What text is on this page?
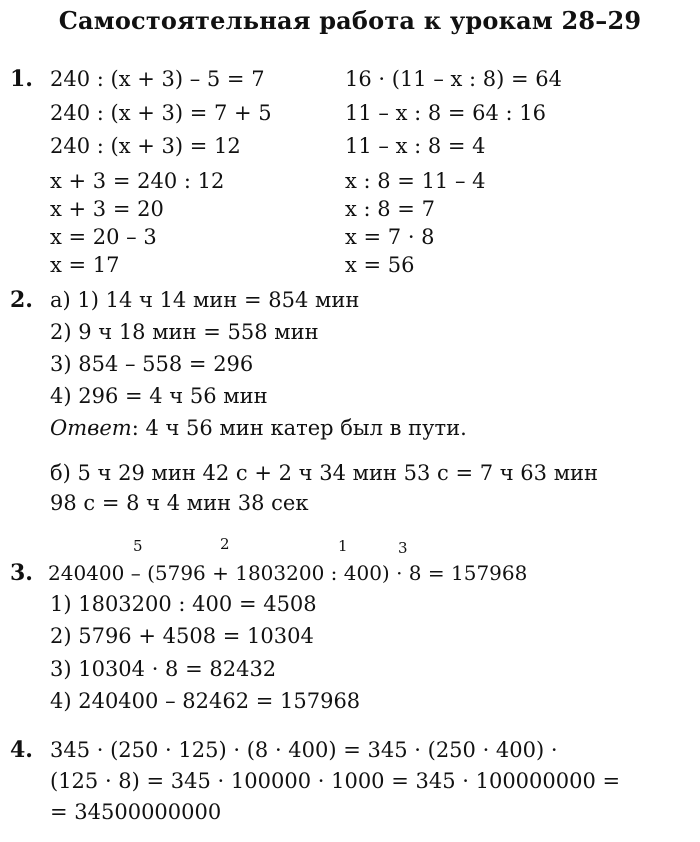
Самостоятельная работа к урокам 28–29
1. 240 : (x + 3) – 5 = 7
240 : (x + 3) = 7 + 5
240 : (x + 3) = 12
x + 3 = 240 : 12
x + 3 = 20
x = 20 – 3
x = 17
16 · (11 – x : 8) = 64
11 – x : 8 = 64 : 16
11 – x : 8 = 4
x : 8 = 11 – 4
x : 8 = 7
x = 7 · 8
x = 56
2. а) 1) 14 ч 14 мин = 854 мин
2) 9 ч 18 мин = 558 мин
3) 854 – 558 = 296
4) 296 = 4 ч 56 мин
Ответ: 4 ч 56 мин катер был в пути.
б) 5 ч 29 мин 42 с + 2 ч 34 мин 53 с = 7 ч 63 мин
98 с = 8 ч 4 мин 38 сек
3.
5	2	1	3
240400 – (5796 + 1803200 : 400) · 8 = 157968
1) 1803200 : 400 = 4508
2) 5796 + 4508 = 10304
3) 10304 · 8 = 82432
4) 240400 – 82462 = 157968
4. 345 · (250 · 125) · (8 · 400) = 345 · (250 · 400) ·
(125 · 8) = 345 · 100000 · 1000 = 345 · 100000000 =
= 34500000000
